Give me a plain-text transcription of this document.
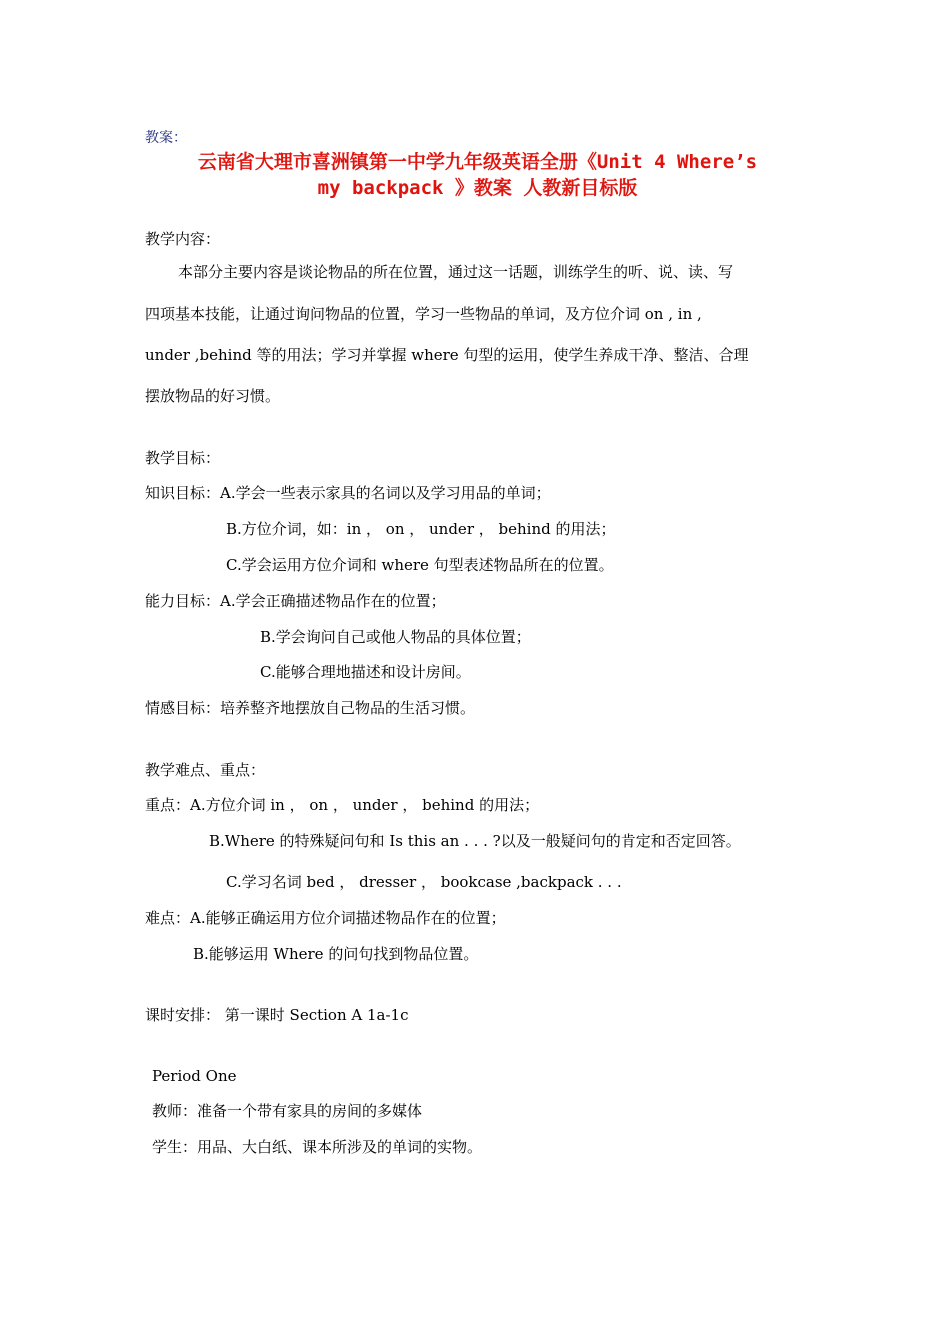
教案：
云南省大理市喜洲镇第一中学九年级英语全册《Unit 4 Where’s
my backpack 》教案 人教新目标版
教学内容：
本部分主要内容是谈论物品的所在位置，通过这一话题，训练学生的听、说、读、写
四项基本技能，让通过询问物品的位置，学习一些物品的单词，及方位介词 on , in ,
under ,behind 等的用法；学习并掌握 where 句型的运用，使学生养成干净、整洁、合理
摆放物品的好习惯。
教学目标：
知识目标：A.学会一些表示家具的名词以及学习用品的单词；
B.方位介词，如：in ， on ， under ， behind 的用法；
C.学会运用方位介词和 where 句型表述物品所在的位置。
能力目标：A.学会正确描述物品作在的位置；
B.学会询问自己或他人物品的具体位置；
C.能够合理地描述和设计房间。
情感目标：培养整齐地摆放自己物品的生活习惯。
教学难点、重点：
重点：A.方位介词 in ， on ， under ， behind 的用法；
B.Where 的特殊疑问句和 Is this an . . . ?以及一般疑问句的肯定和否定回答。
C.学习名词 bed ， dresser ， bookcase ,backpack . . .
难点：A.能够正确运用方位介词描述物品作在的位置；
B.能够运用 Where 的问句找到物品位置。
课时安排： 第一课时 Section A 1a-1c
Period One
教师：准备一个带有家具的房间的多媒体
学生：用品、大白纸、课本所涉及的单词的实物。
